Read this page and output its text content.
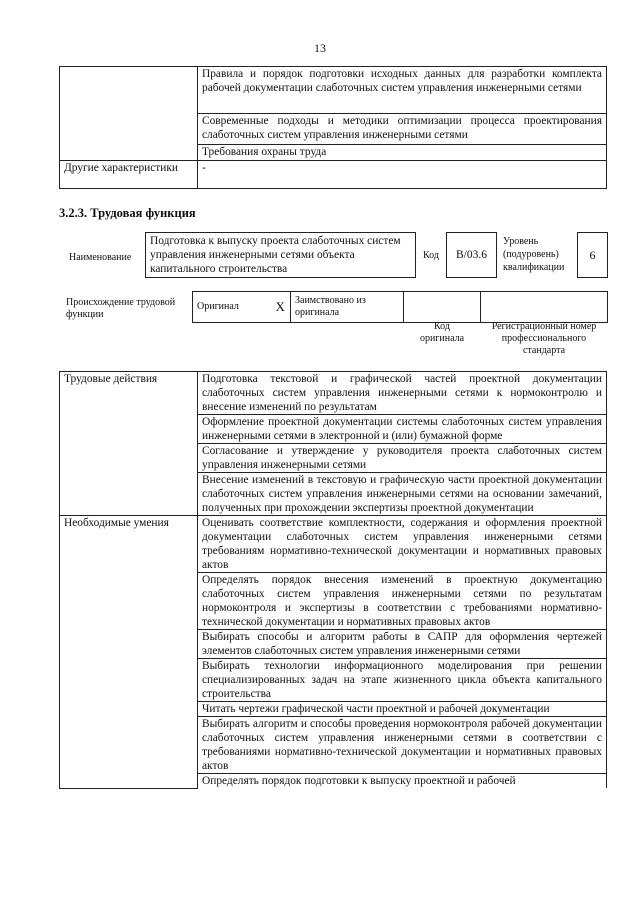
13
	Правила и порядок подготовки исходных данных для разработки комплекта рабочей документации слаботочных систем управления инженерными сетями
	Современные подходы и методики оптимизации процесса проектирования слаботочных систем управления инженерными сетями
	Требования охраны труда
Другие характеристики	-
3.2.3. Трудовая функция
Наименование
Подготовка к выпуску проекта слаботочных систем управления инженерными сетями объекта капитального строительства
Код	B/03.6
Уровень (подуровень) квалификации
6
Происхождение трудовой функции
Оригинал	X	Заимствовано из оригинала		
Код оригинала
Регистрационный номер профессионального стандарта
Трудовые действия	Подготовка текстовой и графической частей проектной документации слаботочных систем управления инженерными сетями к нормоконтролю и внесение изменений по результатам
	Оформление проектной документации системы слаботочных систем управления инженерными сетями в электронной и (или) бумажной форме
	Согласование и утверждение у руководителя проекта слаботочных систем управления инженерными сетями
	Внесение изменений в текстовую и графическую части проектной документации слаботочных систем управления инженерными сетями на основании замечаний, полученных при прохождении экспертизы проектной документации
Необходимые умения	Оценивать соответствие комплектности, содержания и оформления проектной документации слаботочных систем управления инженерными сетями требованиям нормативно-технической документации и нормативных правовых актов
	Определять порядок внесения изменений в проектную документацию слаботочных систем управления инженерными сетями по результатам нормоконтроля и экспертизы в соответствии с требованиями нормативно-технической документации и нормативных правовых актов
	Выбирать способы и алгоритм работы в САПР для оформления чертежей элементов слаботочных систем управления инженерными сетями
	Выбирать технологии информационного моделирования при решении специализированных задач на этапе жизненного цикла объекта капитального строительства
	Читать чертежи графической части проектной и рабочей документации
	Выбирать алгоритм и способы проведения нормоконтроля рабочей документации слаботочных систем управления инженерными сетями в соответствии с требованиями нормативно-технической документации и нормативных правовых актов
	Определять порядок подготовки к выпуску проектной и рабочей
